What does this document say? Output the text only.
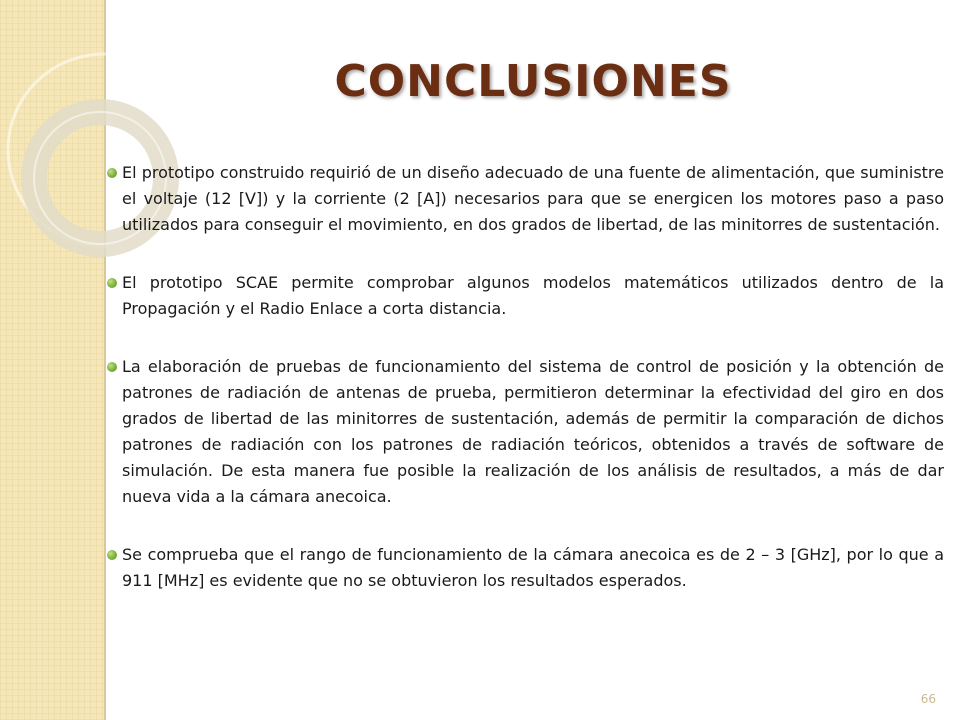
CONCLUSIONES
El prototipo construido requirió de un diseño adecuado de una fuente de alimentación, que suministre el voltaje (12 [V]) y la corriente (2 [A]) necesarios para que se energicen los motores paso a paso utilizados para conseguir el movimiento, en dos grados de libertad, de las minitorres de sustentación.
El prototipo SCAE permite comprobar algunos modelos matemáticos utilizados dentro de la Propagación y el Radio Enlace a corta distancia.
La elaboración de pruebas de funcionamiento del sistema de control de posición y la obtención de patrones de radiación de antenas de prueba, permitieron determinar la efectividad del giro en dos grados de libertad de las minitorres de sustentación, además de permitir la comparación de dichos patrones de radiación con los patrones de radiación teóricos, obtenidos a través de software de simulación. De esta manera fue posible la realización de los análisis de resultados, a más de dar nueva vida a la cámara anecoica.
Se comprueba que el rango de funcionamiento de la cámara anecoica es de 2 – 3 [GHz], por lo que a 911 [MHz] es evidente que no se obtuvieron los resultados esperados.
66
